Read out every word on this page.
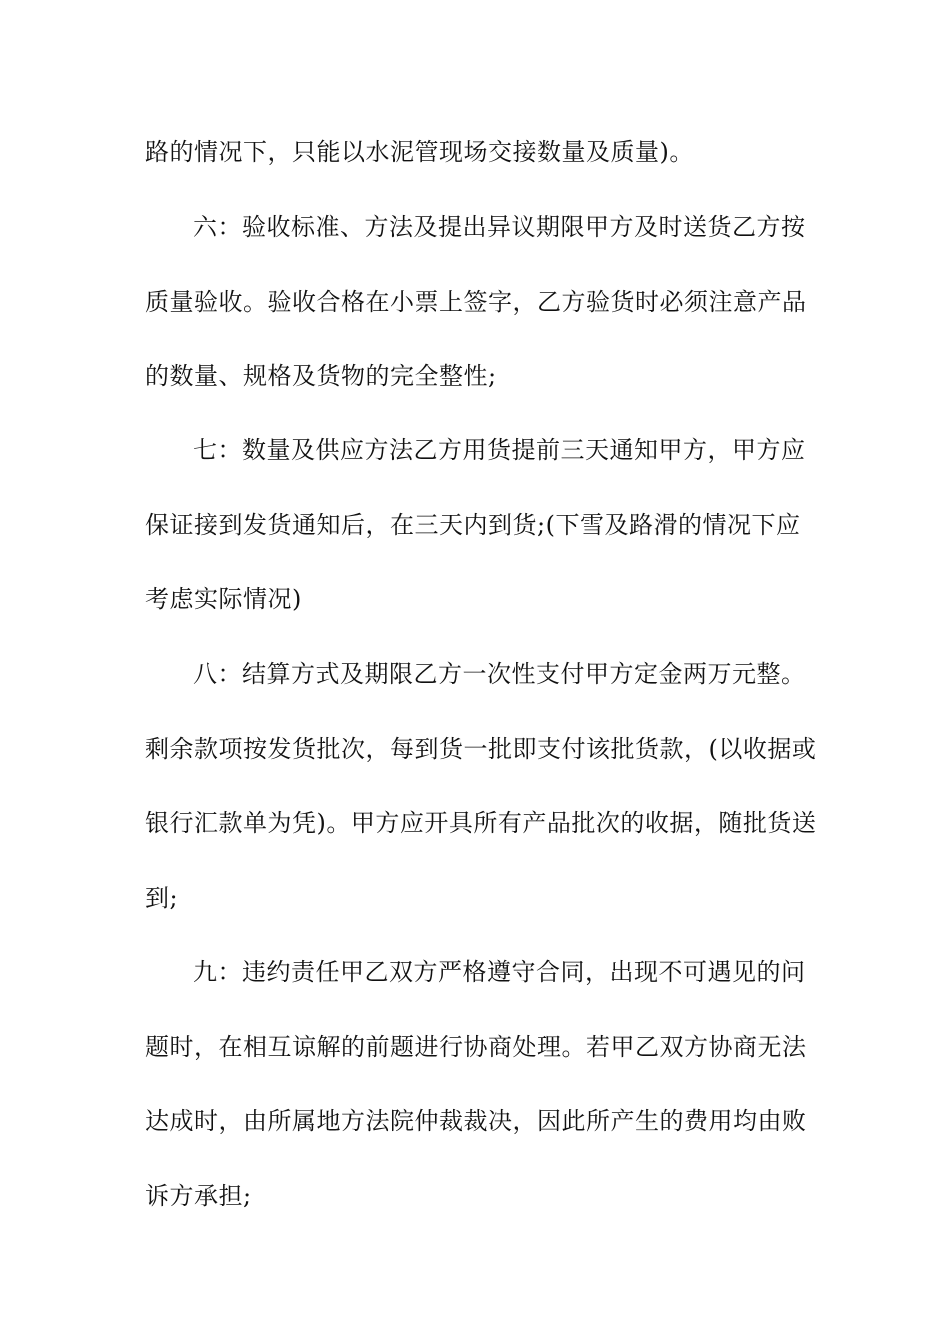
路的情况下，只能以水泥管现场交接数量及质量)。
六：验收标准、方法及提出异议期限甲方及时送货乙方按
质量验收。验收合格在小票上签字，乙方验货时必须注意产品
的数量、规格及货物的完全整性;
七：数量及供应方法乙方用货提前三天通知甲方，甲方应
保证接到发货通知后，在三天内到货;(下雪及路滑的情况下应
考虑实际情况)
八：结算方式及期限乙方一次性支付甲方定金两万元整。
剩余款项按发货批次，每到货一批即支付该批货款，(以收据或
银行汇款单为凭)。甲方应开具所有产品批次的收据，随批货送
到;
九：违约责任甲乙双方严格遵守合同，出现不可遇见的问
题时，在相互谅解的前题进行协商处理。若甲乙双方协商无法
达成时，由所属地方法院仲裁裁决，因此所产生的费用均由败
诉方承担;
